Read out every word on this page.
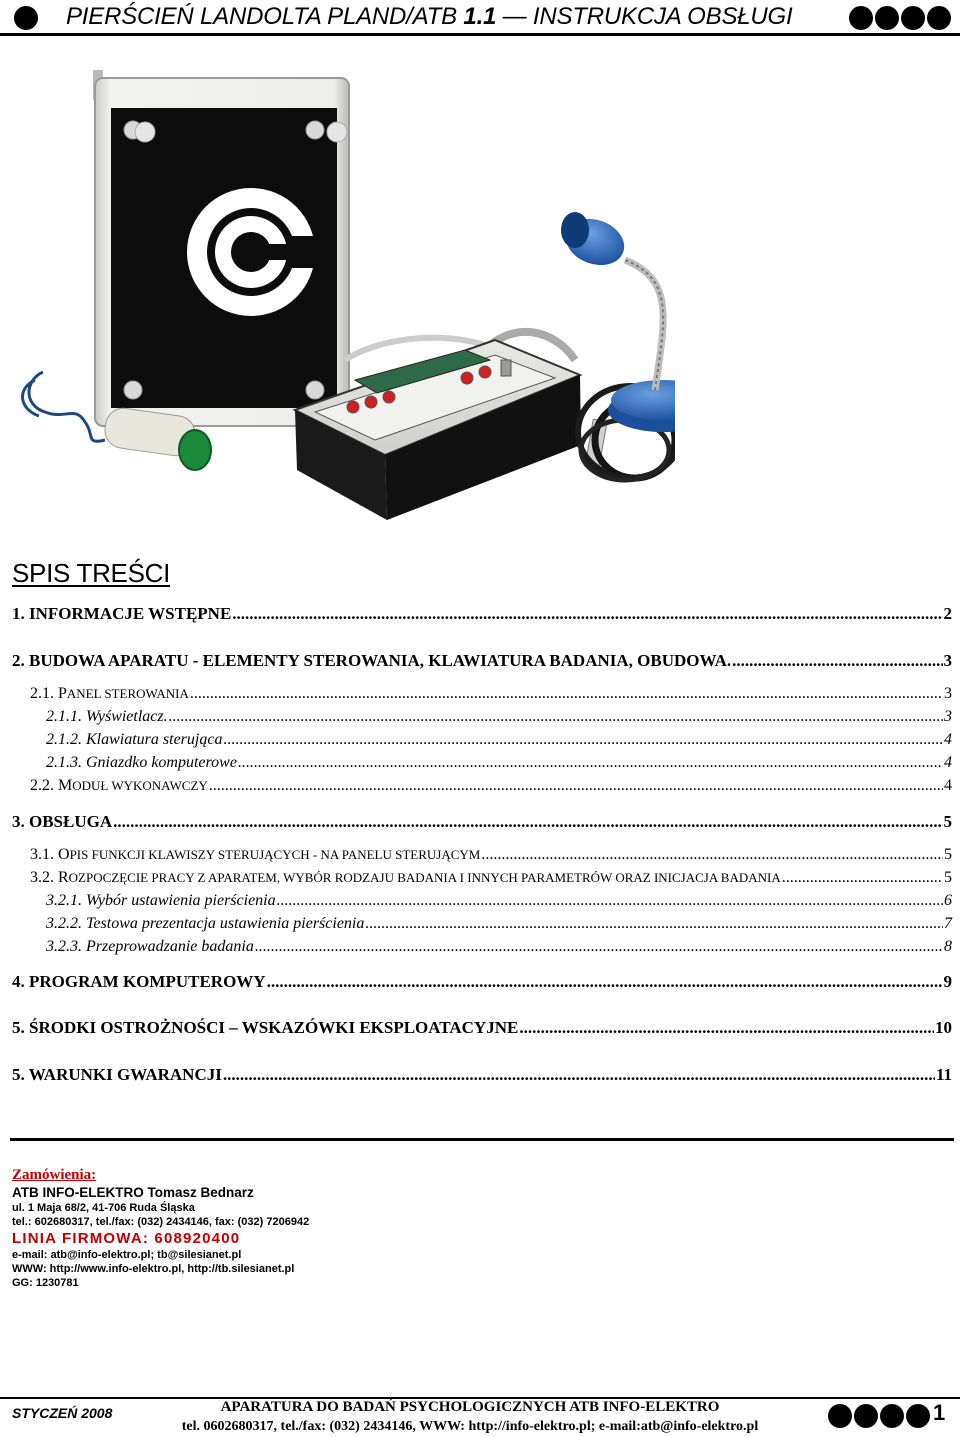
PIERŚCIEŃ LANDOLTA PLAND/ATB 1.1 — INSTRUKCJA OBSŁUGI
SPIS TREŚCI
1. INFORMACJE WSTĘPNE .....	2
2. BUDOWA APARATU - ELEMENTY STEROWANIA, KLAWIATURA BADANIA, OBUDOWA. .....	3
2.1. PANEL STEROWANIA .....	3
2.1.1. Wyświetlacz. .....	3
2.1.2. Klawiatura sterująca .....	4
2.1.3. Gniazdko komputerowe .....	4
2.2. MODUŁ WYKONAWCZY .....	4
3. OBSŁUGA .....	5
3.1. OPIS FUNKCJI KLAWISZY STERUJĄCYCH - NA PANELU STERUJĄCYM .....	5
3.2. ROZPOCZĘCIE PRACY Z APARATEM, WYBÓR RODZAJU BADANIA I INNYCH PARAMETRÓW ORAZ INICJACJA BADANIA .....	5
3.2.1. Wybór ustawienia pierścienia .....	6
3.2.2. Testowa prezentacja ustawienia pierścienia .....	7
3.2.3. Przeprowadzanie badania .....	8
4. PROGRAM KOMPUTEROWY .....	9
5. ŚRODKI OSTROŻNOŚCI – WSKAZÓWKI EKSPLOATACYJNE .....	10
5. WARUNKI GWARANCJI .....	11
Zamówienia:
ATB INFO-ELEKTRO Tomasz Bednarz
ul. 1 Maja 68/2, 41-706 Ruda Śląska
tel.: 602680317, tel./fax: (032) 2434146, fax: (032) 7206942
LINIA FIRMOWA: 608920400
e-mail: atb@info-elektro.pl; tb@silesianet.pl
WWW: http://www.info-elektro.pl, http://tb.silesianet.pl
GG: 1230781
STYCZEŃ 2008	APARATURA DO BADAŃ PSYCHOLOGICZNYCH ATB INFO-ELEKTRO
tel. 0602680317, tel./fax: (032) 2434146, WWW: http://info-elektro.pl; e-mail:atb@info-elektro.pl
1
